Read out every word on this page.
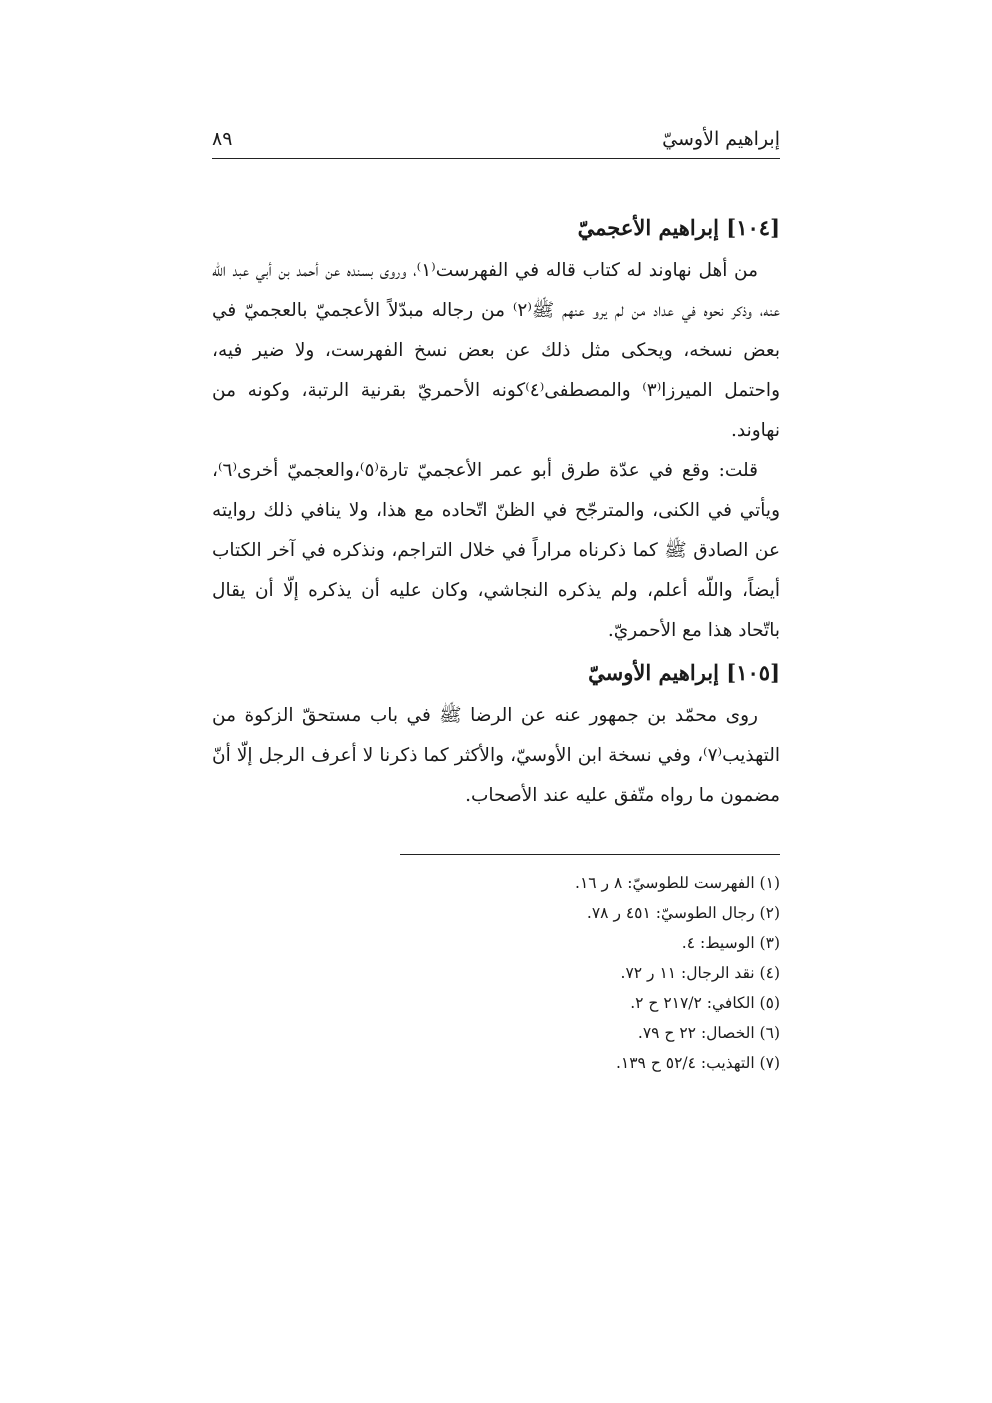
إبراهيم الأوسيّ
٨٩
[١٠٤] إبراهيم الأعجميّ

من أهل نهاوند له كتاب قاله في الفهرست⁽١⁾، وروى بسنده عن أحمد بن أبي عبد اللّه عنه، وذكر نحوه في عداد من لم يرو عنهم ﷺ⁽٢⁾ من رجاله مبدّلاً الأعجميّ بالعجميّ في بعض نسخه، ويحكى مثل ذلك عن بعض نسخ الفهرست، ولا ضير فيه، واحتمل الميرزا⁽٣⁾ والمصطفى⁽٤⁾كونه الأحمريّ بقرنية الرتبة، وكونه من نهاوند.

قلت: وقع في عدّة طرق أبو عمر الأعجميّ تارة⁽٥⁾،والعجميّ أخرى⁽٦⁾، ويأتي في الكنى، والمترجّح في الظنّ اتّحاده مع هذا، ولا ينافي ذلك روايته عن الصادق ﷺ كما ذكرناه مراراً في خلال التراجم، ونذكره في آخر الكتاب أيضاً، واللّه أعلم، ولم يذكره النجاشي، وكان عليه أن يذكره إلّا أن يقال باتّحاد هذا مع الأحمريّ.

[١٠٥] إبراهيم الأوسيّ

روى محمّد بن جمهور عنه عن الرضا ﷺ في باب مستحقّ الزكوة من التهذيب⁽٧⁾، وفي نسخة ابن الأوسيّ، والأكثر كما ذكرنا لا أعرف الرجل إلّا أنّ مضمون ما رواه متّفق عليه عند الأصحاب.

(١) الفهرست للطوسيّ: ٨ ر ١٦.
(٢) رجال الطوسيّ: ٤٥١ ر ٧٨.
(٣) الوسيط: ٤.
(٤) نقد الرجال: ١١ ر ٧٢.
(٥) الكافي: ٢١٧/٢ ح ٢.
(٦) الخصال: ٢٢ ح ٧٩.
(٧) التهذيب: ٥٢/٤ ح ١٣٩.
